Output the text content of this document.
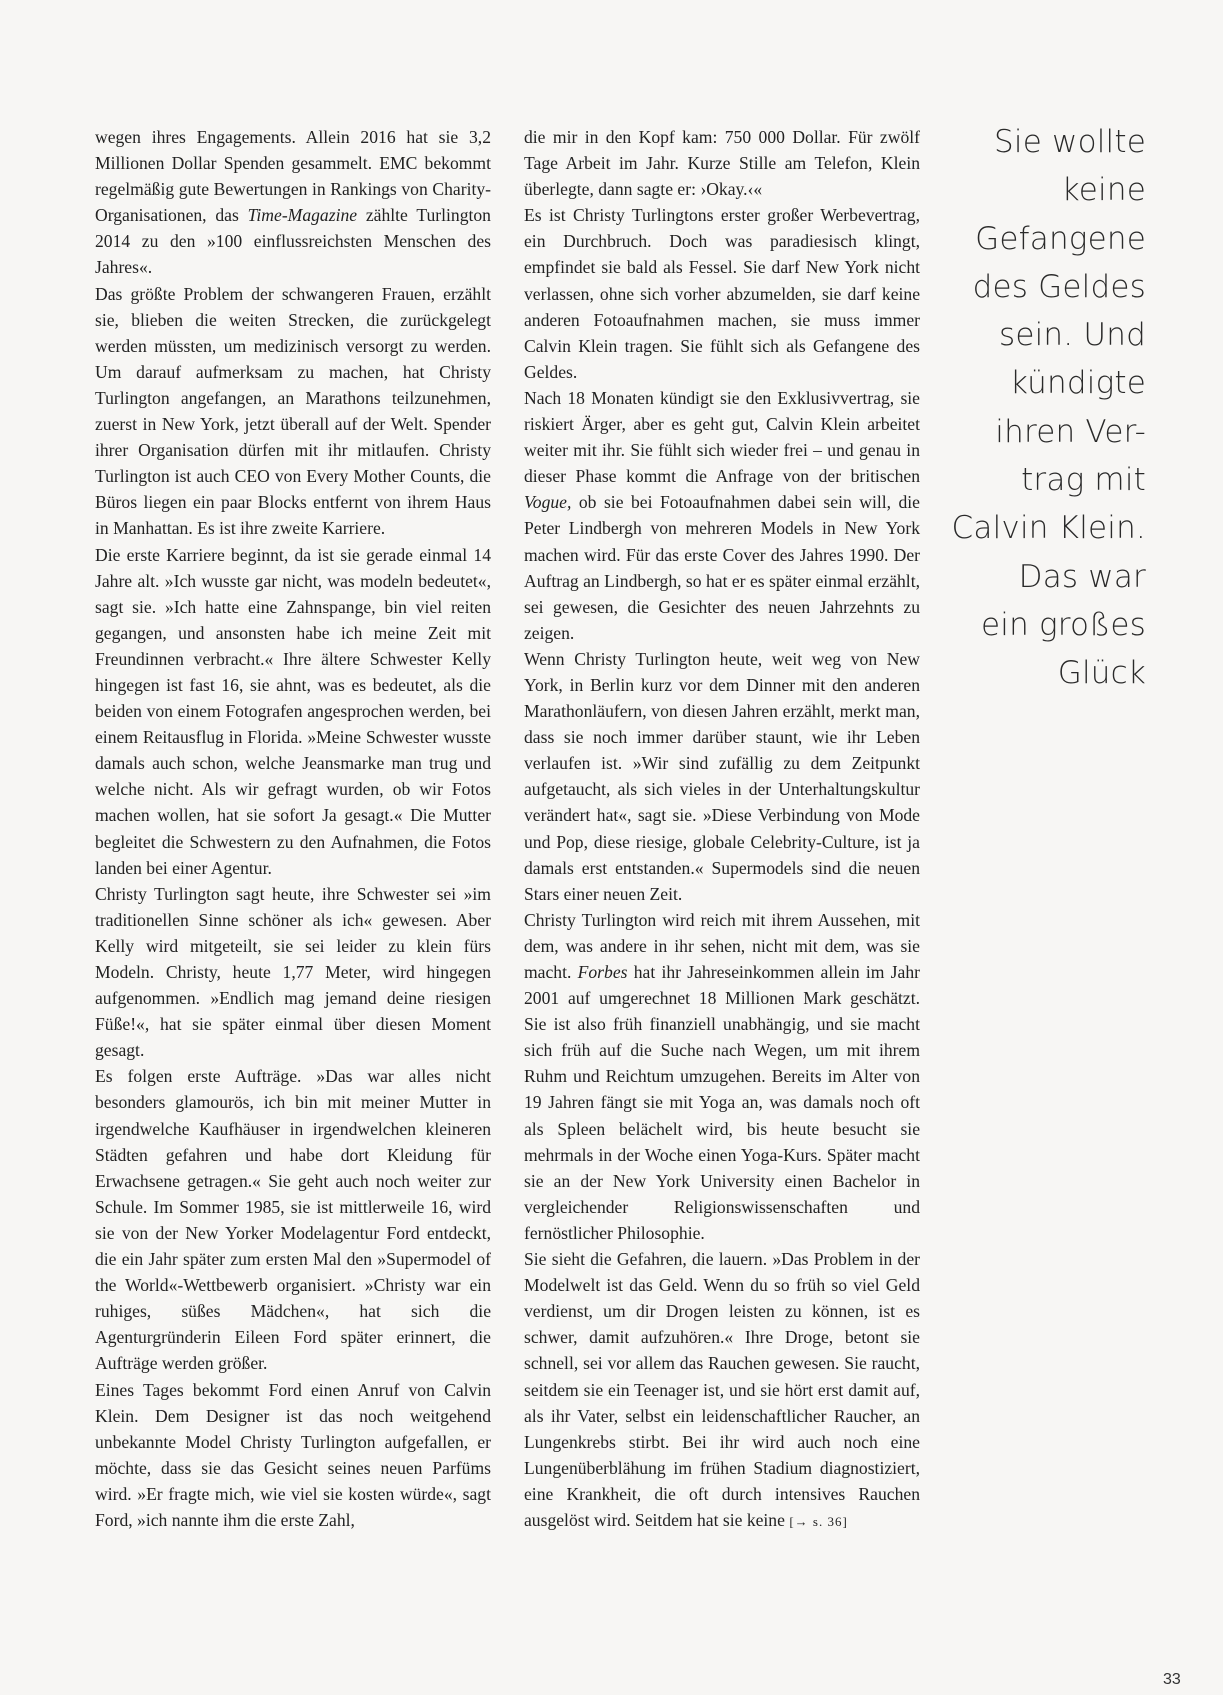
wegen ihres Engagements. Allein 2016 hat sie 3,2 Millionen Dollar Spenden gesammelt. EMC bekommt regelmäßig gute Bewertungen in Rankings von Charity-Organisationen, das Time-Magazine zählte Turlington 2014 zu den »100 einflussreichsten Menschen des Jahres«.

Das größte Problem der schwangeren Frauen, erzählt sie, blieben die weiten Strecken, die zurückgelegt werden müssten, um medizinisch versorgt zu werden. Um darauf aufmerksam zu machen, hat Christy Turlington angefangen, an Marathons teilzunehmen, zuerst in New York, jetzt überall auf der Welt. Spender ihrer Organisation dürfen mit ihr mitlaufen. Christy Turlington ist auch CEO von Every Mother Counts, die Büros liegen ein paar Blocks entfernt von ihrem Haus in Manhattan. Es ist ihre zweite Karriere.

Die erste Karriere beginnt, da ist sie gerade einmal 14 Jahre alt. »Ich wusste gar nicht, was modeln bedeutet«, sagt sie. »Ich hatte eine Zahnspange, bin viel reiten gegangen, und ansonsten habe ich meine Zeit mit Freundinnen verbracht.« Ihre ältere Schwester Kelly hingegen ist fast 16, sie ahnt, was es bedeutet, als die beiden von einem Fotografen angesprochen werden, bei einem Reitausflug in Florida. »Meine Schwester wusste damals auch schon, welche Jeansmarke man trug und welche nicht. Als wir gefragt wurden, ob wir Fotos machen wollen, hat sie sofort Ja gesagt.« Die Mutter begleitet die Schwestern zu den Aufnahmen, die Fotos landen bei einer Agentur.

Christy Turlington sagt heute, ihre Schwester sei »im traditionellen Sinne schöner als ich« gewesen. Aber Kelly wird mitgeteilt, sie sei leider zu klein fürs Modeln. Christy, heute 1,77 Meter, wird hingegen aufgenommen. »Endlich mag jemand deine riesigen Füße!«, hat sie später einmal über diesen Moment gesagt.

Es folgen erste Aufträge. »Das war alles nicht besonders glamourös, ich bin mit meiner Mutter in irgendwelche Kaufhäuser in irgendwelchen kleineren Städten gefahren und habe dort Kleidung für Erwachsene getragen.« Sie geht auch noch weiter zur Schule. Im Sommer 1985, sie ist mittlerweile 16, wird sie von der New Yorker Modelagentur Ford entdeckt, die ein Jahr später zum ersten Mal den »Supermodel of the World«-Wettbewerb organisiert. »Christy war ein ruhiges, süßes Mädchen«, hat sich die Agenturgründerin Eileen Ford später erinnert, die Aufträge werden größer.

Eines Tages bekommt Ford einen Anruf von Calvin Klein. Dem Designer ist das noch weitgehend unbekannte Model Christy Turlington aufgefallen, er möchte, dass sie das Gesicht seines neuen Parfüms wird. »Er fragte mich, wie viel sie kosten würde«, sagt Ford, »ich nannte ihm die erste Zahl,

die mir in den Kopf kam: 750 000 Dollar. Für zwölf Tage Arbeit im Jahr. Kurze Stille am Telefon, Klein überlegte, dann sagte er: ›Okay.‹«

Es ist Christy Turlingtons erster großer Werbevertrag, ein Durchbruch. Doch was paradiesisch klingt, empfindet sie bald als Fessel. Sie darf New York nicht verlassen, ohne sich vorher abzumelden, sie darf keine anderen Fotoaufnahmen machen, sie muss immer Calvin Klein tragen. Sie fühlt sich als Gefangene des Geldes.

Nach 18 Monaten kündigt sie den Exklusivvertrag, sie riskiert Ärger, aber es geht gut, Calvin Klein arbeitet weiter mit ihr. Sie fühlt sich wieder frei – und genau in dieser Phase kommt die Anfrage von der britischen Vogue, ob sie bei Fotoaufnahmen dabei sein will, die Peter Lindbergh von mehreren Models in New York machen wird. Für das erste Cover des Jahres 1990. Der Auftrag an Lindbergh, so hat er es später einmal erzählt, sei gewesen, die Gesichter des neuen Jahrzehnts zu zeigen.

Wenn Christy Turlington heute, weit weg von New York, in Berlin kurz vor dem Dinner mit den anderen Marathonläufern, von diesen Jahren erzählt, merkt man, dass sie noch immer darüber staunt, wie ihr Leben verlaufen ist. »Wir sind zufällig zu dem Zeitpunkt aufgetaucht, als sich vieles in der Unterhaltungskultur verändert hat«, sagt sie. »Diese Verbindung von Mode und Pop, diese riesige, globale Celebrity-Culture, ist ja damals erst entstanden.« Supermodels sind die neuen Stars einer neuen Zeit.

Christy Turlington wird reich mit ihrem Aussehen, mit dem, was andere in ihr sehen, nicht mit dem, was sie macht. Forbes hat ihr Jahreseinkommen allein im Jahr 2001 auf umgerechnet 18 Millionen Mark geschätzt. Sie ist also früh finanziell unabhängig, und sie macht sich früh auf die Suche nach Wegen, um mit ihrem Ruhm und Reichtum umzugehen. Bereits im Alter von 19 Jahren fängt sie mit Yoga an, was damals noch oft als Spleen belächelt wird, bis heute besucht sie mehrmals in der Woche einen Yoga-Kurs. Später macht sie an der New York University einen Bachelor in vergleichender Religionswissenschaften und fernöstlicher Philosophie.

Sie sieht die Gefahren, die lauern. »Das Problem in der Modelwelt ist das Geld. Wenn du so früh so viel Geld verdienst, um dir Drogen leisten zu können, ist es schwer, damit aufzuhören.« Ihre Droge, betont sie schnell, sei vor allem das Rauchen gewesen. Sie raucht, seitdem sie ein Teenager ist, und sie hört erst damit auf, als ihr Vater, selbst ein leidenschaftlicher Raucher, an Lungenkrebs stirbt. Bei ihr wird auch noch eine Lungenüberblähung im frühen Stadium diagnostiziert, eine Krankheit, die oft durch intensives Rauchen ausgelöst wird. Seitdem hat sie keine [→ s. 36]

Sie wollte
keine
Gefangene
des Geldes
sein. Und
kündigte
ihren Ver-
trag mit
Calvin Klein.
Das war
ein großes
Glück
33
